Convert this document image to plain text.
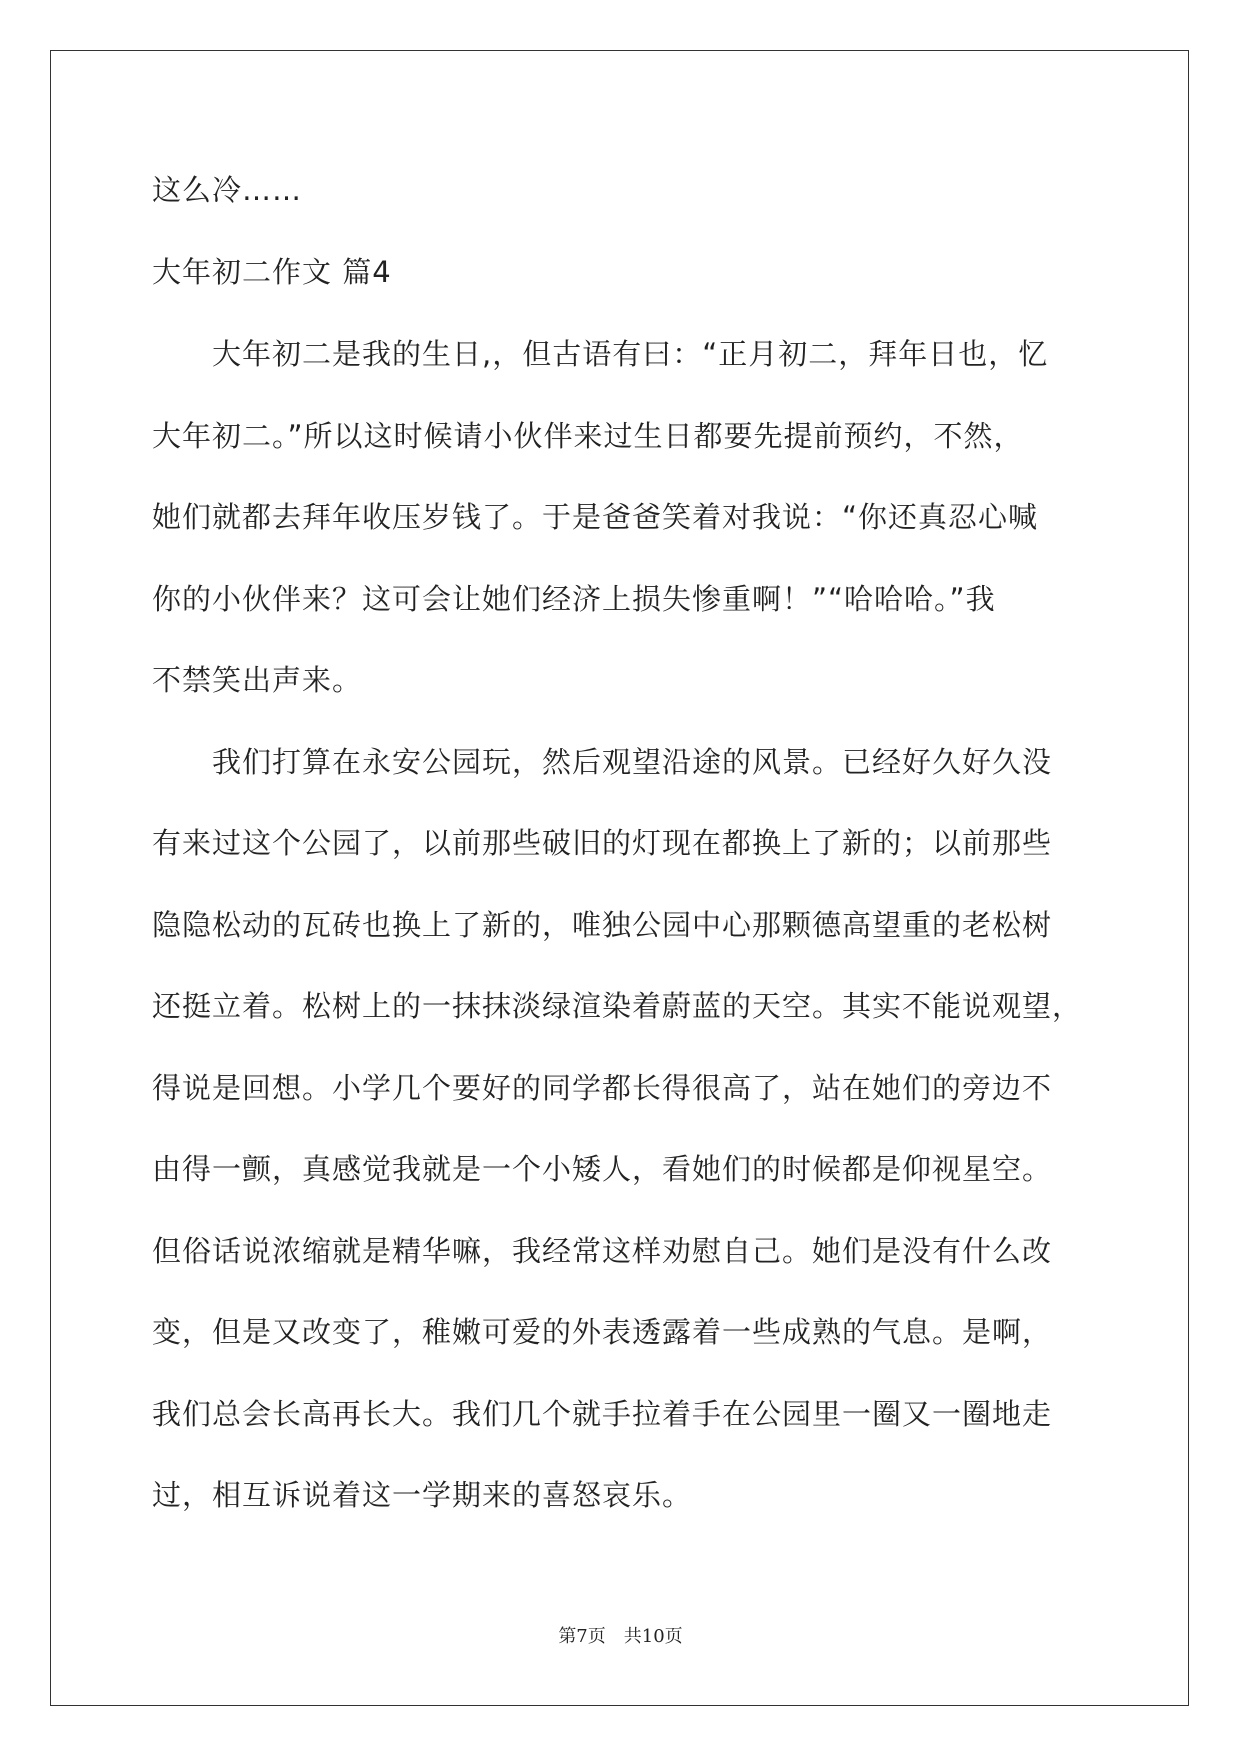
这么冷……
大年初二作文 篇4
大年初二是我的生日,，但古语有曰：“正月初二，拜年日也，忆
大年初二。”所以这时候请小伙伴来过生日都要先提前预约，不然，
她们就都去拜年收压岁钱了。于是爸爸笑着对我说：“你还真忍心喊
你的小伙伴来？这可会让她们经济上损失惨重啊！”“哈哈哈。”我
不禁笑出声来。
我们打算在永安公园玩，然后观望沿途的风景。已经好久好久没
有来过这个公园了，以前那些破旧的灯现在都换上了新的；以前那些
隐隐松动的瓦砖也换上了新的，唯独公园中心那颗德高望重的老松树
还挺立着。松树上的一抹抹淡绿渲染着蔚蓝的天空。其实不能说观望，
得说是回想。小学几个要好的同学都长得很高了，站在她们的旁边不
由得一颤，真感觉我就是一个小矮人，看她们的时候都是仰视星空。
但俗话说浓缩就是精华嘛，我经常这样劝慰自己。她们是没有什么改
变，但是又改变了，稚嫩可爱的外表透露着一些成熟的气息。是啊，
我们总会长高再长大。我们几个就手拉着手在公园里一圈又一圈地走
过，相互诉说着这一学期来的喜怒哀乐。
第7页 共10页
